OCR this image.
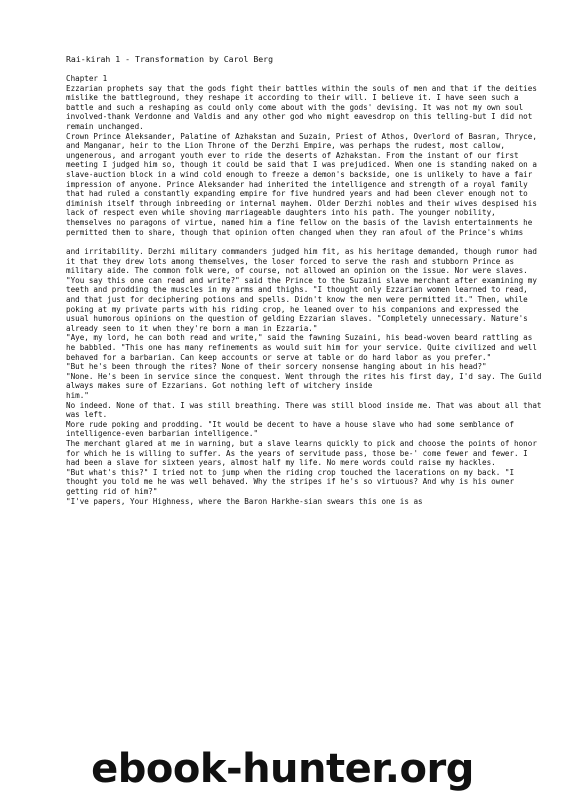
Rai-kirah 1 - Transformation by Carol Berg

Chapter 1

Ezzarian prophets say that the gods fight their battles within the souls of men and that if the deities mislike the battleground, they reshape it according to their will. I believe it. I have seen such a battle and such a reshaping as could only come about with the gods' devising. It was not my own soul involved-thank Verdonne and Valdis and any other god who might eavesdrop on this telling-but I did not remain unchanged.

Crown Prince Aleksander, Palatine of Azhakstan and Suzain, Priest of Athos, Overlord of Basran, Thryce, and Manganar, heir to the Lion Throne of the Derzhi Empire, was perhaps the rudest, most callow, ungenerous, and arrogant youth ever to ride the deserts of Azhakstan. From the instant of our first meeting I judged him so, though it could be said that I was prejudiced. When one is standing naked on a slave-auction block in a wind cold enough to freeze a demon's backside, one is unlikely to have a fair impression of anyone. Prince Aleksander had inherited the intelligence and strength of a royal family that had ruled a constantly expanding empire for five hundred years and had been clever enough not to diminish itself through inbreeding or internal mayhem. Older Derzhi nobles and their wives despised his lack of respect even while shoving marriageable daughters into his path. The younger nobility, themselves no paragons of virtue, named him a fine fellow on the basis of the lavish entertainments he permitted them to share, though that opinion often changed when they ran afoul of the Prince's whims

and irritability. Derzhi military commanders judged him fit, as his heritage demanded, though rumor had it that they drew lots among themselves, the loser forced to serve the rash and stubborn Prince as military aide. The common folk were, of course, not allowed an opinion on the issue. Nor were slaves.

"You say this one can read and write?" said the Prince to the Suzaini slave merchant after examining my teeth and prodding the muscles in my arms and thighs. "I thought only Ezzarian women learned to read, and that just for deciphering potions and spells. Didn't know the men were permitted it." Then, while poking at my private parts with his riding crop, he leaned over to his companions and expressed the usual humorous opinions on the question of gelding Ezzarian slaves. "Completely unnecessary. Nature's already seen to it when they're born a man in Ezzaria."

"Aye, my lord, he can both read and write," said the fawning Suzaini, his bead-woven beard rattling as he babbled. "This one has many refinements as would suit him for your service. Quite civilized and well behaved for a barbarian. Can keep accounts or serve at table or do hard labor as you prefer."

"But he's been through the rites? None of their sorcery nonsense hanging about in his head?"

"None. He's been in service since the conquest. Went through the rites his first day, I'd say. The Guild always makes sure of Ezzarians. Got nothing left of witchery inside

him."

No indeed. None of that. I was still breathing. There was still blood inside me. That was about all that was left.

More rude poking and prodding. "It would be decent to have a house slave who had some semblance of intelligence-even barbarian intelligence."

The merchant glared at me in warning, but a slave learns quickly to pick and choose the points of honor for which he is willing to suffer. As the years of servitude pass, those be-' come fewer and fewer. I had been a slave for sixteen years, almost half my life. No mere words could raise my hackles.

"But what's this?" I tried not to jump when the riding crop touched the lacerations on my back. "I thought you told me he was well behaved. Why the stripes if he's so virtuous? And why is his owner getting rid of him?"

"I've papers, Your Highness, where the Baron Harkhe-sian swears this one is as

ebook-hunter.org
